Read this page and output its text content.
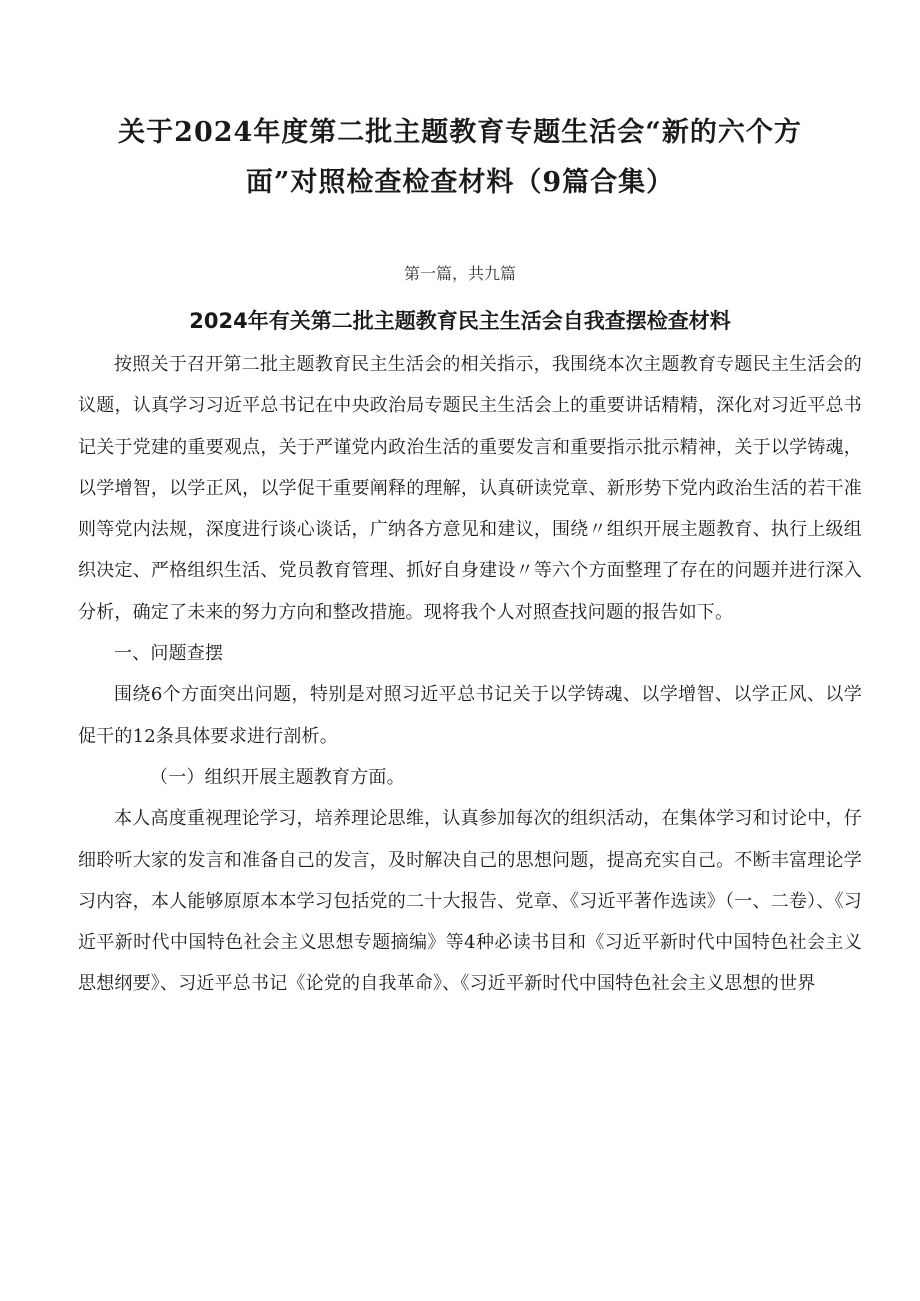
关于2024年度第二批主题教育专题生活会“新的六个方
面”对照检查检查材料（9篇合集）

第一篇，共九篇

2024年有关第二批主题教育民主生活会自我查摆检查材料

按照关于召开第二批主题教育民主生活会的相关指示，我围绕本次主题教育专题民主生活会的议题，认真学习习近平总书记在中央政治局专题民主生活会上的重要讲话精精，深化对习近平总书记关于党建的重要观点，关于严谨党内政治生活的重要发言和重要指示批示精神，关于以学铸魂，以学增智，以学正风，以学促干重要阐释的理解，认真研读党章、新形势下党内政治生活的若干准则等党内法规，深度进行谈心谈话，广纳各方意见和建议，围绕〃组织开展主题教育、执行上级组织决定、严格组织生活、党员教育管理、抓好自身建设〃等六个方面整理了存在的问题并进行深入分析，确定了未来的努力方向和整改措施。现将我个人对照查找问题的报告如下。

一、问题查摆

围绕6个方面突出问题，特别是对照习近平总书记关于以学铸魂、以学增智、以学正风、以学促干的12条具体要求进行剖析。

（一）组织开展主题教育方面。

本人高度重视理论学习，培养理论思维，认真参加每次的组织活动，在集体学习和讨论中，仔细聆听大家的发言和准备自己的发言，及时解决自己的思想问题，提高充实自己。不断丰富理论学习内容，本人能够原原本本学习包括党的二十大报告、党章、《习近平著作选读》（一、二卷）、《习近平新时代中国特色社会主义思想专题摘编》等4种必读书目和《习近平新时代中国特色社会主义思想纲要》、习近平总书记《论党的自我革命》、《习近平新时代中国特色社会主义思想的世界
